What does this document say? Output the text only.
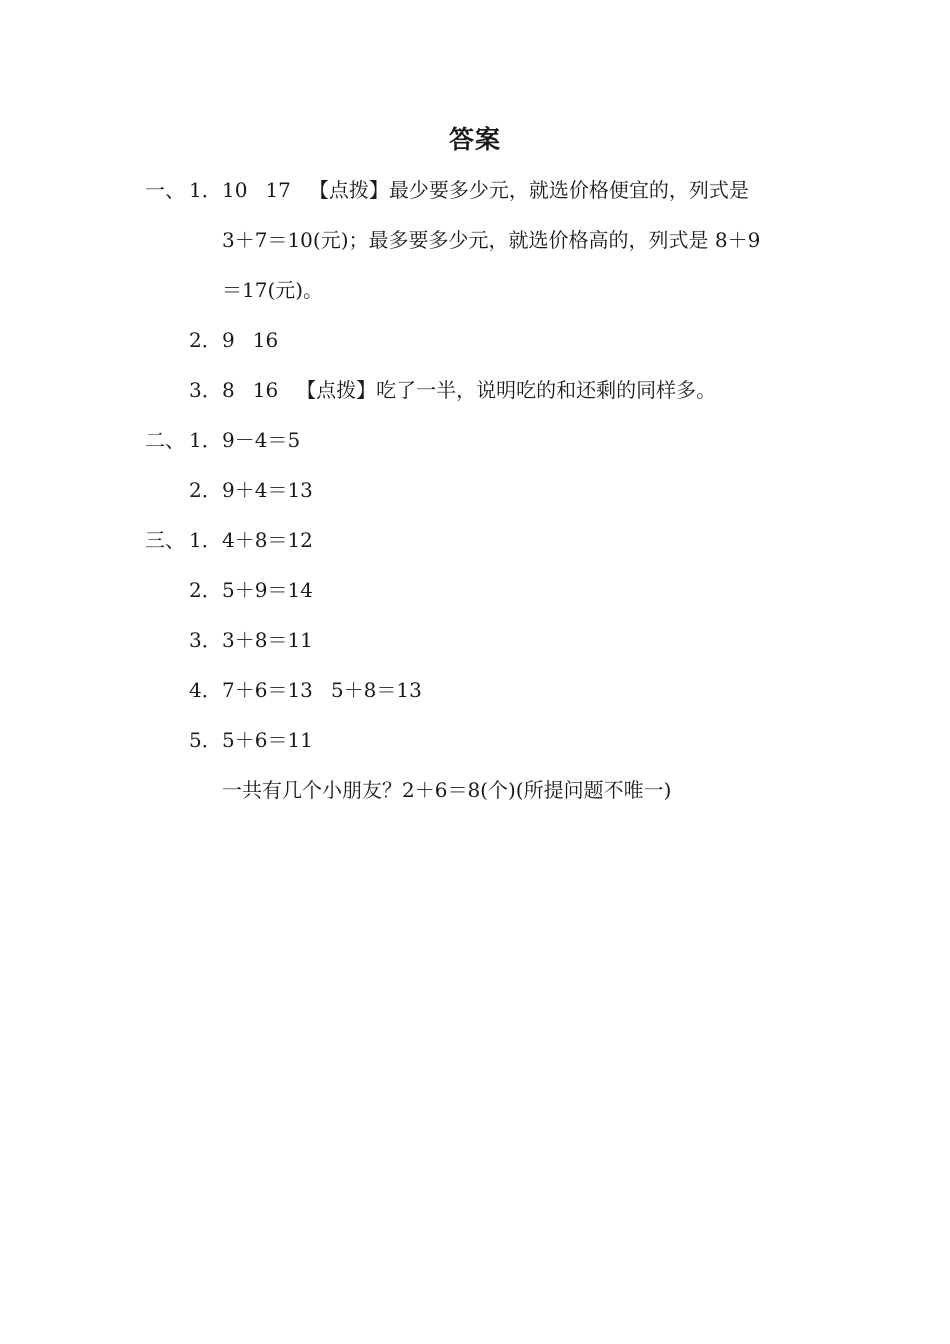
答案
一、 1．10 17 【点拨】最少要多少元，就选价格便宜的，列式是
3＋7＝10(元)；最多要多少元，就选价格高的，列式是 8＋9
＝17(元)。
2．9 16
3．8 16 【点拨】吃了一半，说明吃的和还剩的同样多。
二、 1．9－4＝5
2．9＋4＝13
三、 1．4＋8＝12
2．5＋9＝14
3．3＋8＝11
4．7＋6＝13 5＋8＝13
5．5＋6＝11
一共有几个小朋友？2＋6＝8(个)(所提问题不唯一)
